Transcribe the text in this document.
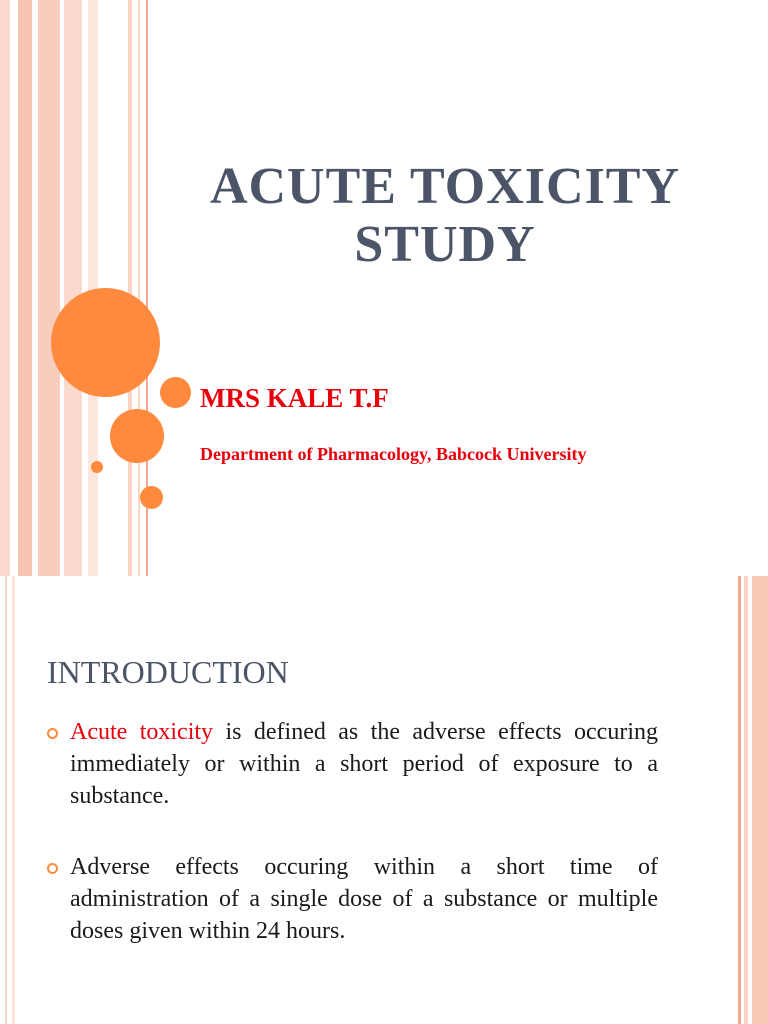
ACUTE TOXICITY
STUDY
MRS KALE T.F
Department of Pharmacology, Babcock University
INTRODUCTION
Acute toxicity is defined as the adverse effects occuring immediately or within a short period of exposure to a substance.
Adverse effects occuring within a short time of administration of a single dose of a substance or multiple doses given within 24 hours.
